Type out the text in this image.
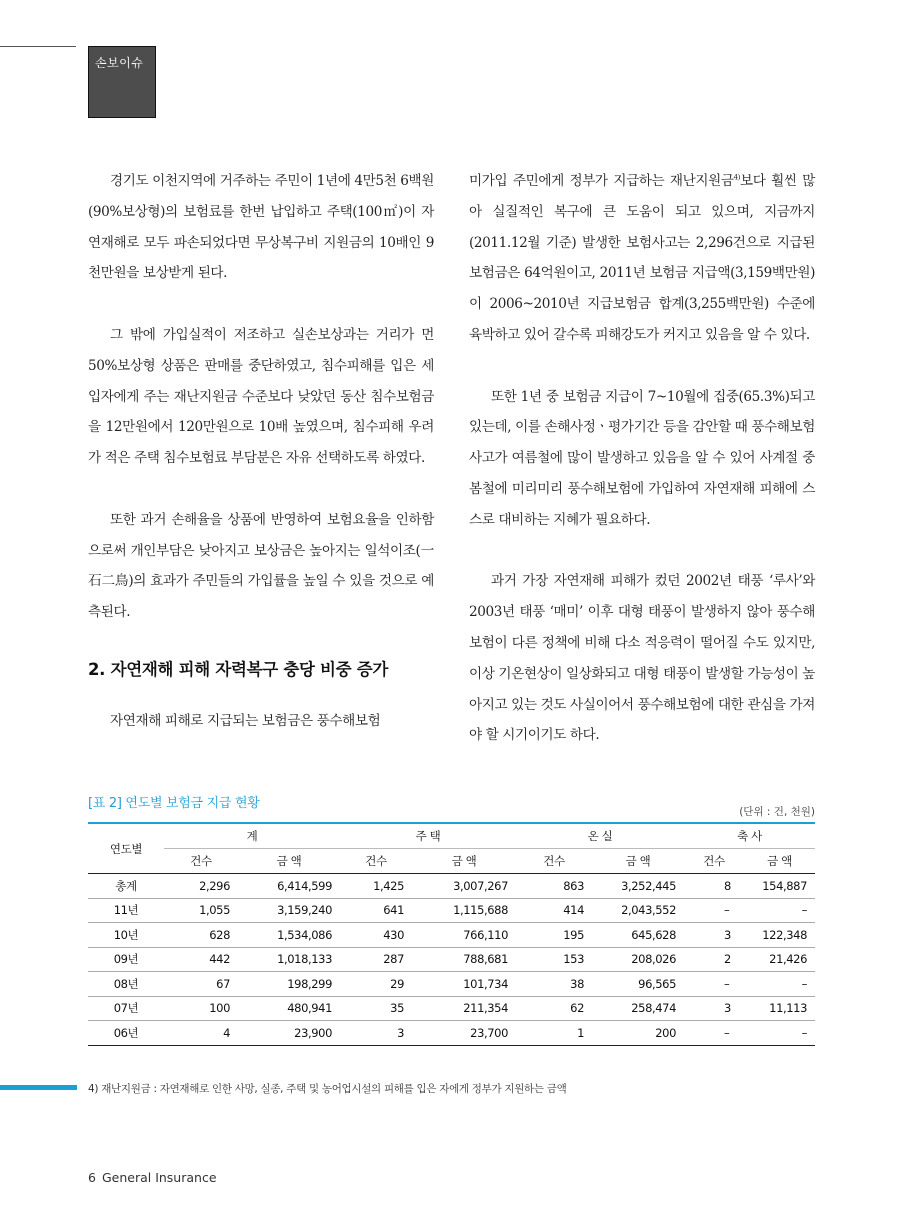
손보이슈

경기도 이천지역에 거주하는 주민이 1년에 4만5천 6백원(90%보상형)의 보험료를 한번 납입하고 주택(100㎡)이 자연재해로 모두 파손되었다면 무상복구비 지원금의 10배인 9천만원을 보상받게 된다.

그 밖에 가입실적이 저조하고 실손보상과는 거리가 먼 50%보상형 상품은 판매를 중단하였고, 침수피해를 입은 세입자에게 주는 재난지원금 수준보다 낮았던 동산 침수보험금을 12만원에서 120만원으로 10배 높였으며, 침수피해 우려가 적은 주택 침수보험료 부담분은 자유 선택하도록 하였다.

또한 과거 손해율을 상품에 반영하여 보험요율을 인하함으로써 개인부담은 낮아지고 보상금은 높아지는 일석이조(一石二鳥)의 효과가 주민들의 가입률을 높일 수 있을 것으로 예측된다.

2. 자연재해 피해 자력복구 충당 비중 증가

자연재해 피해로 지급되는 보험금은 풍수해보험

미가입 주민에게 정부가 지급하는 재난지원금$^{4)}$보다 훨씬 많아 실질적인 복구에 큰 도움이 되고 있으며, 지금까지(2011.12월 기준) 발생한 보험사고는 2,296건으로 지급된 보험금은 64억원이고, 2011년 보험금 지급액(3,159백만원)이 2006~2010년 지급보험금 합계(3,255백만원) 수준에 육박하고 있어 갈수록 피해강도가 커지고 있음을 알 수 있다.

또한 1년 중 보험금 지급이 7~10월에 집중(65.3%)되고 있는데, 이를 손해사정ㆍ평가기간 등을 감안할 때 풍수해보험 사고가 여름철에 많이 발생하고 있음을 알 수 있어 사계절 중 봄철에 미리미리 풍수해보험에 가입하여 자연재해 피해에 스스로 대비하는 지혜가 필요하다.

과거 가장 자연재해 피해가 컸던 2002년 태풍 ‘루사’와 2003년 태풍 ‘매미’ 이후 대형 태풍이 발생하지 않아 풍수해보험이 다른 정책에 비해 다소 적응력이 떨어질 수도 있지만, 이상 기온현상이 일상화되고 대형 태풍이 발생할 가능성이 높아지고 있는 것도 사실이어서 풍수해보험에 대한 관심을 가져야 할 시기이기도 하다.

[표 2] 연도별 보험금 지급 현황
(단위 : 건, 천원)
연도별	계		주 택		온 실		축 사	
	건수	금 액	건수	금 액	건수	금 액	건수	금 액
총계	2,296	6,414,599	1,425	3,007,267	863	3,252,445	8	154,887
11년	1,055	3,159,240	641	1,115,688	414	2,043,552	–	–
10년	628	1,534,086	430	766,110	195	645,628	3	122,348
09년	442	1,018,133	287	788,681	153	208,026	2	21,426
08년	67	198,299	29	101,734	38	96,565	–	–
07년	100	480,941	35	211,354	62	258,474	3	11,113
06년	4	23,900	3	23,700	1	200	–	–
4) 재난지원금 : 자연재해로 인한 사망, 실종, 주택 및 농어업시설의 피해를 입은 자에게 정부가 지원하는 금액
6 General Insurance
